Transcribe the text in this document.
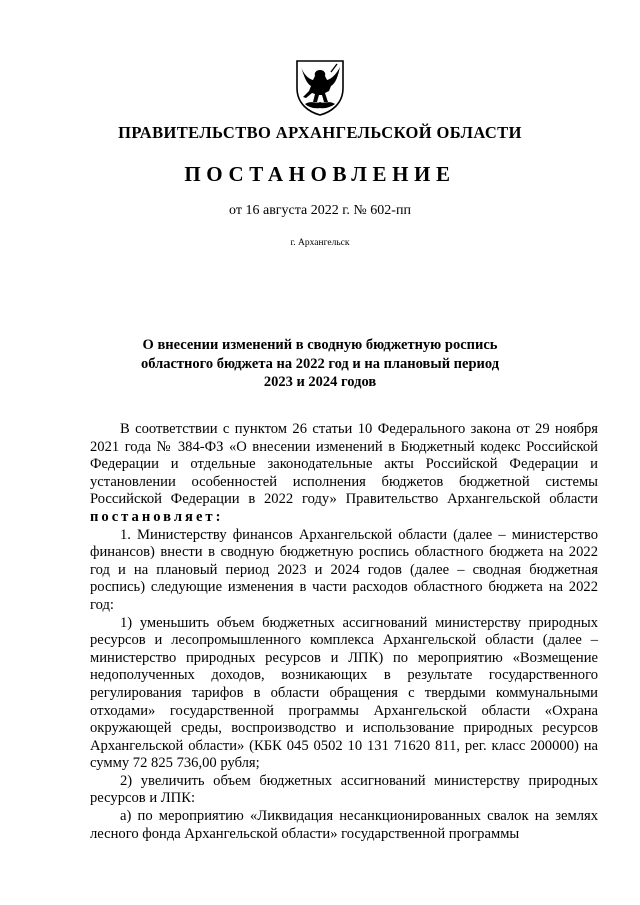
ПРАВИТЕЛЬСТВО АРХАНГЕЛЬСКОЙ ОБЛАСТИ
ПОСТАНОВЛЕНИЕ
от 16 августа 2022 г. № 602-пп
г. Архангельск
О внесении изменений в сводную бюджетную роспись
областного бюджета на 2022 год и на плановый период
2023 и 2024 годов

В соответствии с пунктом 26 статьи 10 Федерального закона от 29 ноября 2021 года № 384-ФЗ «О внесении изменений в Бюджетный кодекс Российской Федерации и отдельные законодательные акты Российской Федерации и установлении особенностей исполнения бюджетов бюджетной системы Российской Федерации в 2022 году» Правительство Архангельской области постановляет:

1. Министерству финансов Архангельской области (далее – министерство финансов) внести в сводную бюджетную роспись областного бюджета на 2022 год и на плановый период 2023 и 2024 годов (далее – сводная бюджетная роспись) следующие изменения в части расходов областного бюджета на 2022 год:

1) уменьшить объем бюджетных ассигнований министерству природных ресурсов и лесопромышленного комплекса Архангельской области (далее – министерство природных ресурсов и ЛПК) по мероприятию «Возмещение недополученных доходов, возникающих в результате государственного регулирования тарифов в области обращения с твердыми коммунальными отходами» государственной программы Архангельской области «Охрана окружающей среды, воспроизводство и использование природных ресурсов Архангельской области» (КБК 045 0502 10 131 71620 811, рег. класс 200000) на сумму 72 825 736,00 рубля;

2) увеличить объем бюджетных ассигнований министерству природных ресурсов и ЛПК:

а) по мероприятию «Ликвидация несанкционированных свалок на землях лесного фонда Архангельской области» государственной программы
